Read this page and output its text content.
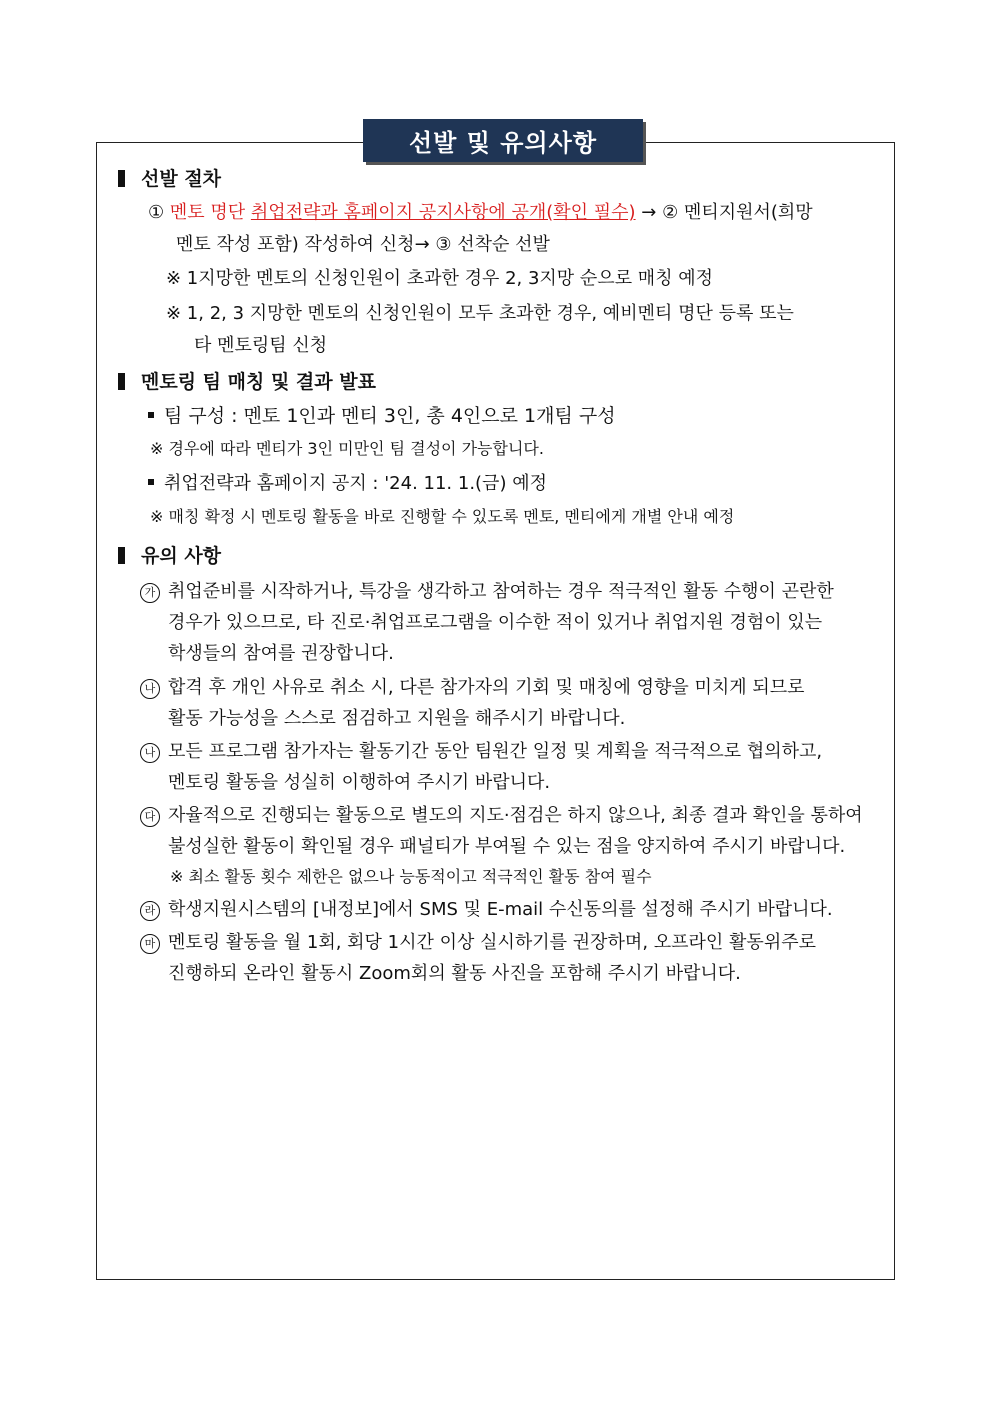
선발 및 유의사항
선발 절차
① 멘토 명단 취업전략과 홈페이지 공지사항에 공개(확인 필수) → ② 멘티지원서(희망
멘토 작성 포함) 작성하여 신청→ ③ 선착순 선발
※ 1지망한 멘토의 신청인원이 초과한 경우 2, 3지망 순으로 매칭 예정
※ 1, 2, 3 지망한 멘토의 신청인원이 모두 초과한 경우, 예비멘티 명단 등록 또는
타 멘토링팀 신청
멘토링 팀 매칭 및 결과 발표
팀 구성 : 멘토 1인과 멘티 3인, 총 4인으로 1개팀 구성
※ 경우에 따라 멘티가 3인 미만인 팀 결성이 가능합니다.
취업전략과 홈페이지 공지 : '24. 11. 1.(금) 예정
※ 매칭 확정 시 멘토링 활동을 바로 진행할 수 있도록 멘토, 멘티에게 개별 안내 예정
유의 사항
가 취업준비를 시작하거나, 특강을 생각하고 참여하는 경우 적극적인 활동 수행이 곤란한
경우가 있으므로, 타 진로·취업프로그램을 이수한 적이 있거나 취업지원 경험이 있는
학생들의 참여를 권장합니다.
나 합격 후 개인 사유로 취소 시, 다른 참가자의 기회 및 매칭에 영향을 미치게 되므로
활동 가능성을 스스로 점검하고 지원을 해주시기 바랍니다.
나 모든 프로그램 참가자는 활동기간 동안 팀원간 일정 및 계획을 적극적으로 협의하고,
멘토링 활동을 성실히 이행하여 주시기 바랍니다.
다 자율적으로 진행되는 활동으로 별도의 지도·점검은 하지 않으나, 최종 결과 확인을 통하여
불성실한 활동이 확인될 경우 패널티가 부여될 수 있는 점을 양지하여 주시기 바랍니다.
※ 최소 활동 횟수 제한은 없으나 능동적이고 적극적인 활동 참여 필수
라 학생지원시스템의 [내정보]에서 SMS 및 E-mail 수신동의를 설정해 주시기 바랍니다.
마 멘토링 활동을 월 1회, 회당 1시간 이상 실시하기를 권장하며, 오프라인 활동위주로
진행하되 온라인 활동시 Zoom회의 활동 사진을 포함해 주시기 바랍니다.
